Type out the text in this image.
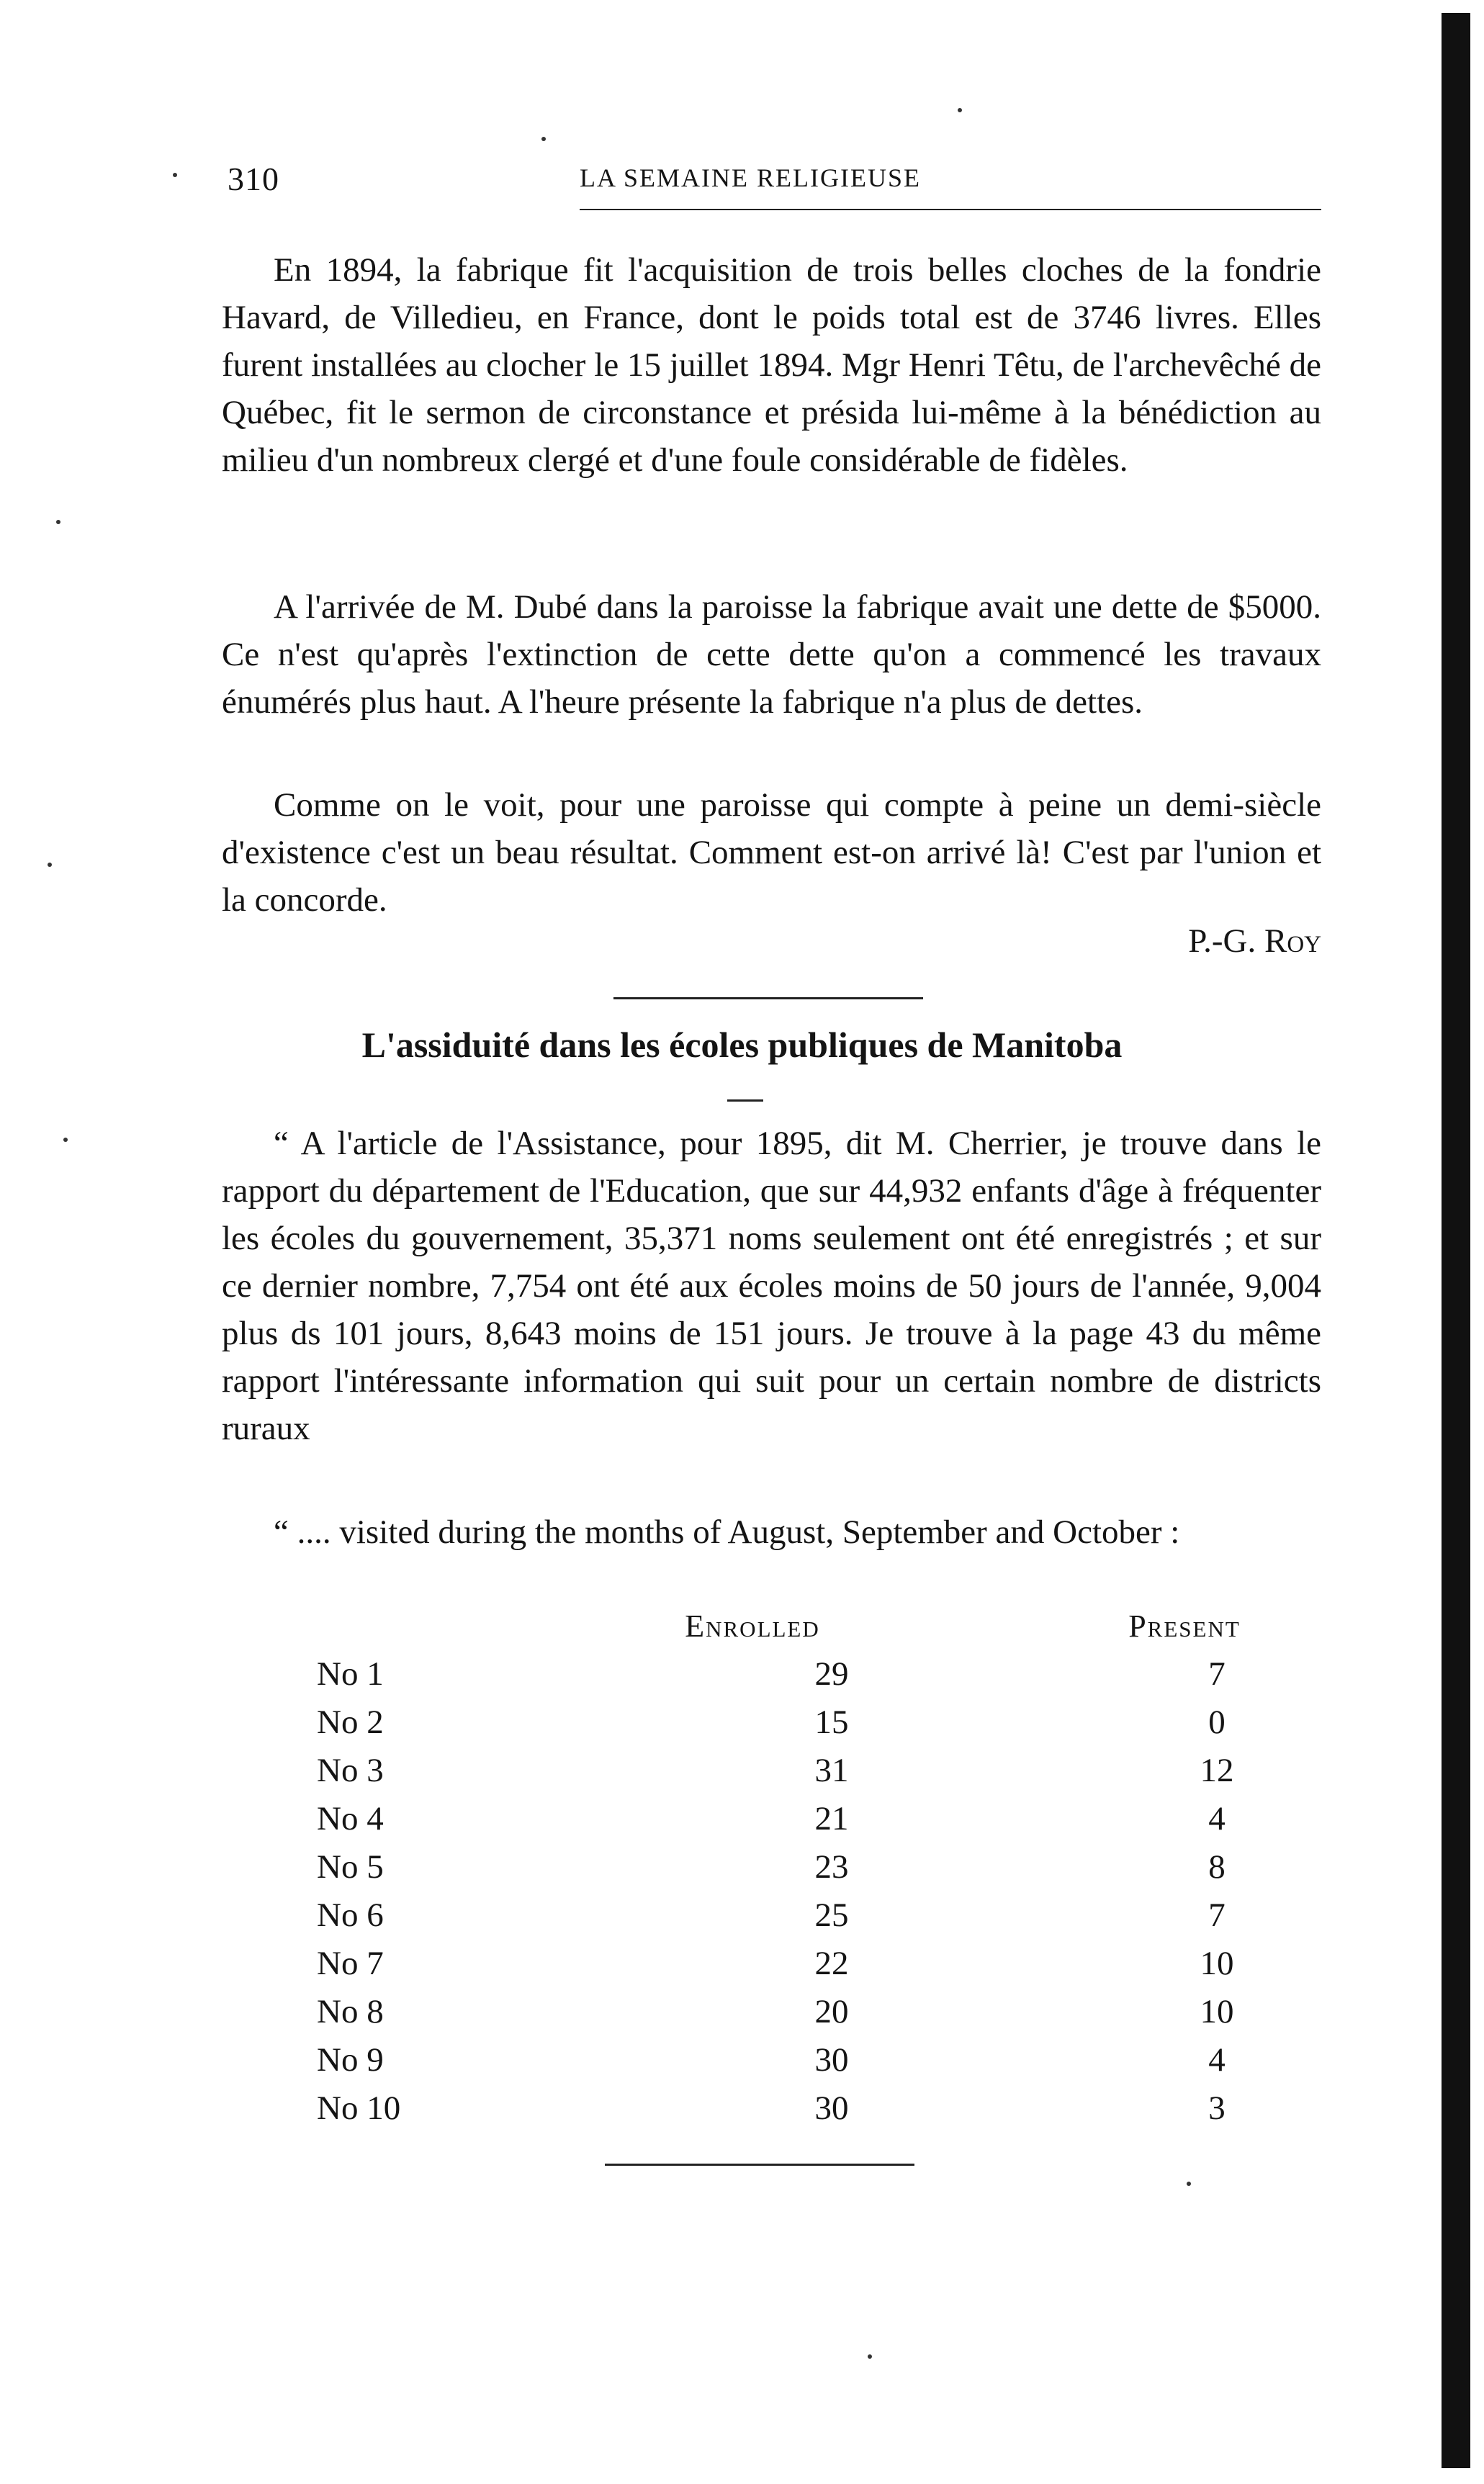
310	LA SEMAINE RELIGIEUSE

En 1894, la fabrique fit l'acquisition de trois belles cloches de la fondrie Havard, de Villedieu, en France, dont le poids total est de 3746 livres. Elles furent installées au clocher le 15 juillet 1894. Mgr Henri Têtu, de l'archevêché de Québec, fit le sermon de circonstance et présida lui-même à la bénédiction au milieu d'un nombreux clergé et d'une foule considérable de fidèles.

A l'arrivée de M. Dubé dans la paroisse la fabrique avait une dette de $5000. Ce n'est qu'après l'extinction de cette dette qu'on a commencé les travaux énumérés plus haut. A l'heure présente la fabrique n'a plus de dettes.

Comme on le voit, pour une paroisse qui compte à peine un demi-siècle d'existence c'est un beau résultat. Comment est-on arrivé là! C'est par l'union et la concorde.

P.-G. Roy
L'assiduité dans les écoles publiques de Manitoba

“ A l'article de l'Assistance, pour 1895, dit M. Cherrier, je trouve dans le rapport du département de l'Education, que sur 44,932 enfants d'âge à fréquenter les écoles du gouvernement, 35,371 noms seulement ont été enregistrés ; et sur ce dernier nombre, 7,754 ont été aux écoles moins de 50 jours de l'année, 9,004 plus ds 101 jours, 8,643 moins de 151 jours. Je trouve à la page 43 du même rapport l'intéressante information qui suit pour un certain nombre de districts ruraux

“ .... visited during the months of August, September and October :

	Enrolled	Present
No 1	29	7
No 2	15	0
No 3	31	12
No 4	21	4
No 5	23	8
No 6	25	7
No 7	22	10
No 8	20	10
No 9	30	4
No 10	30	3
